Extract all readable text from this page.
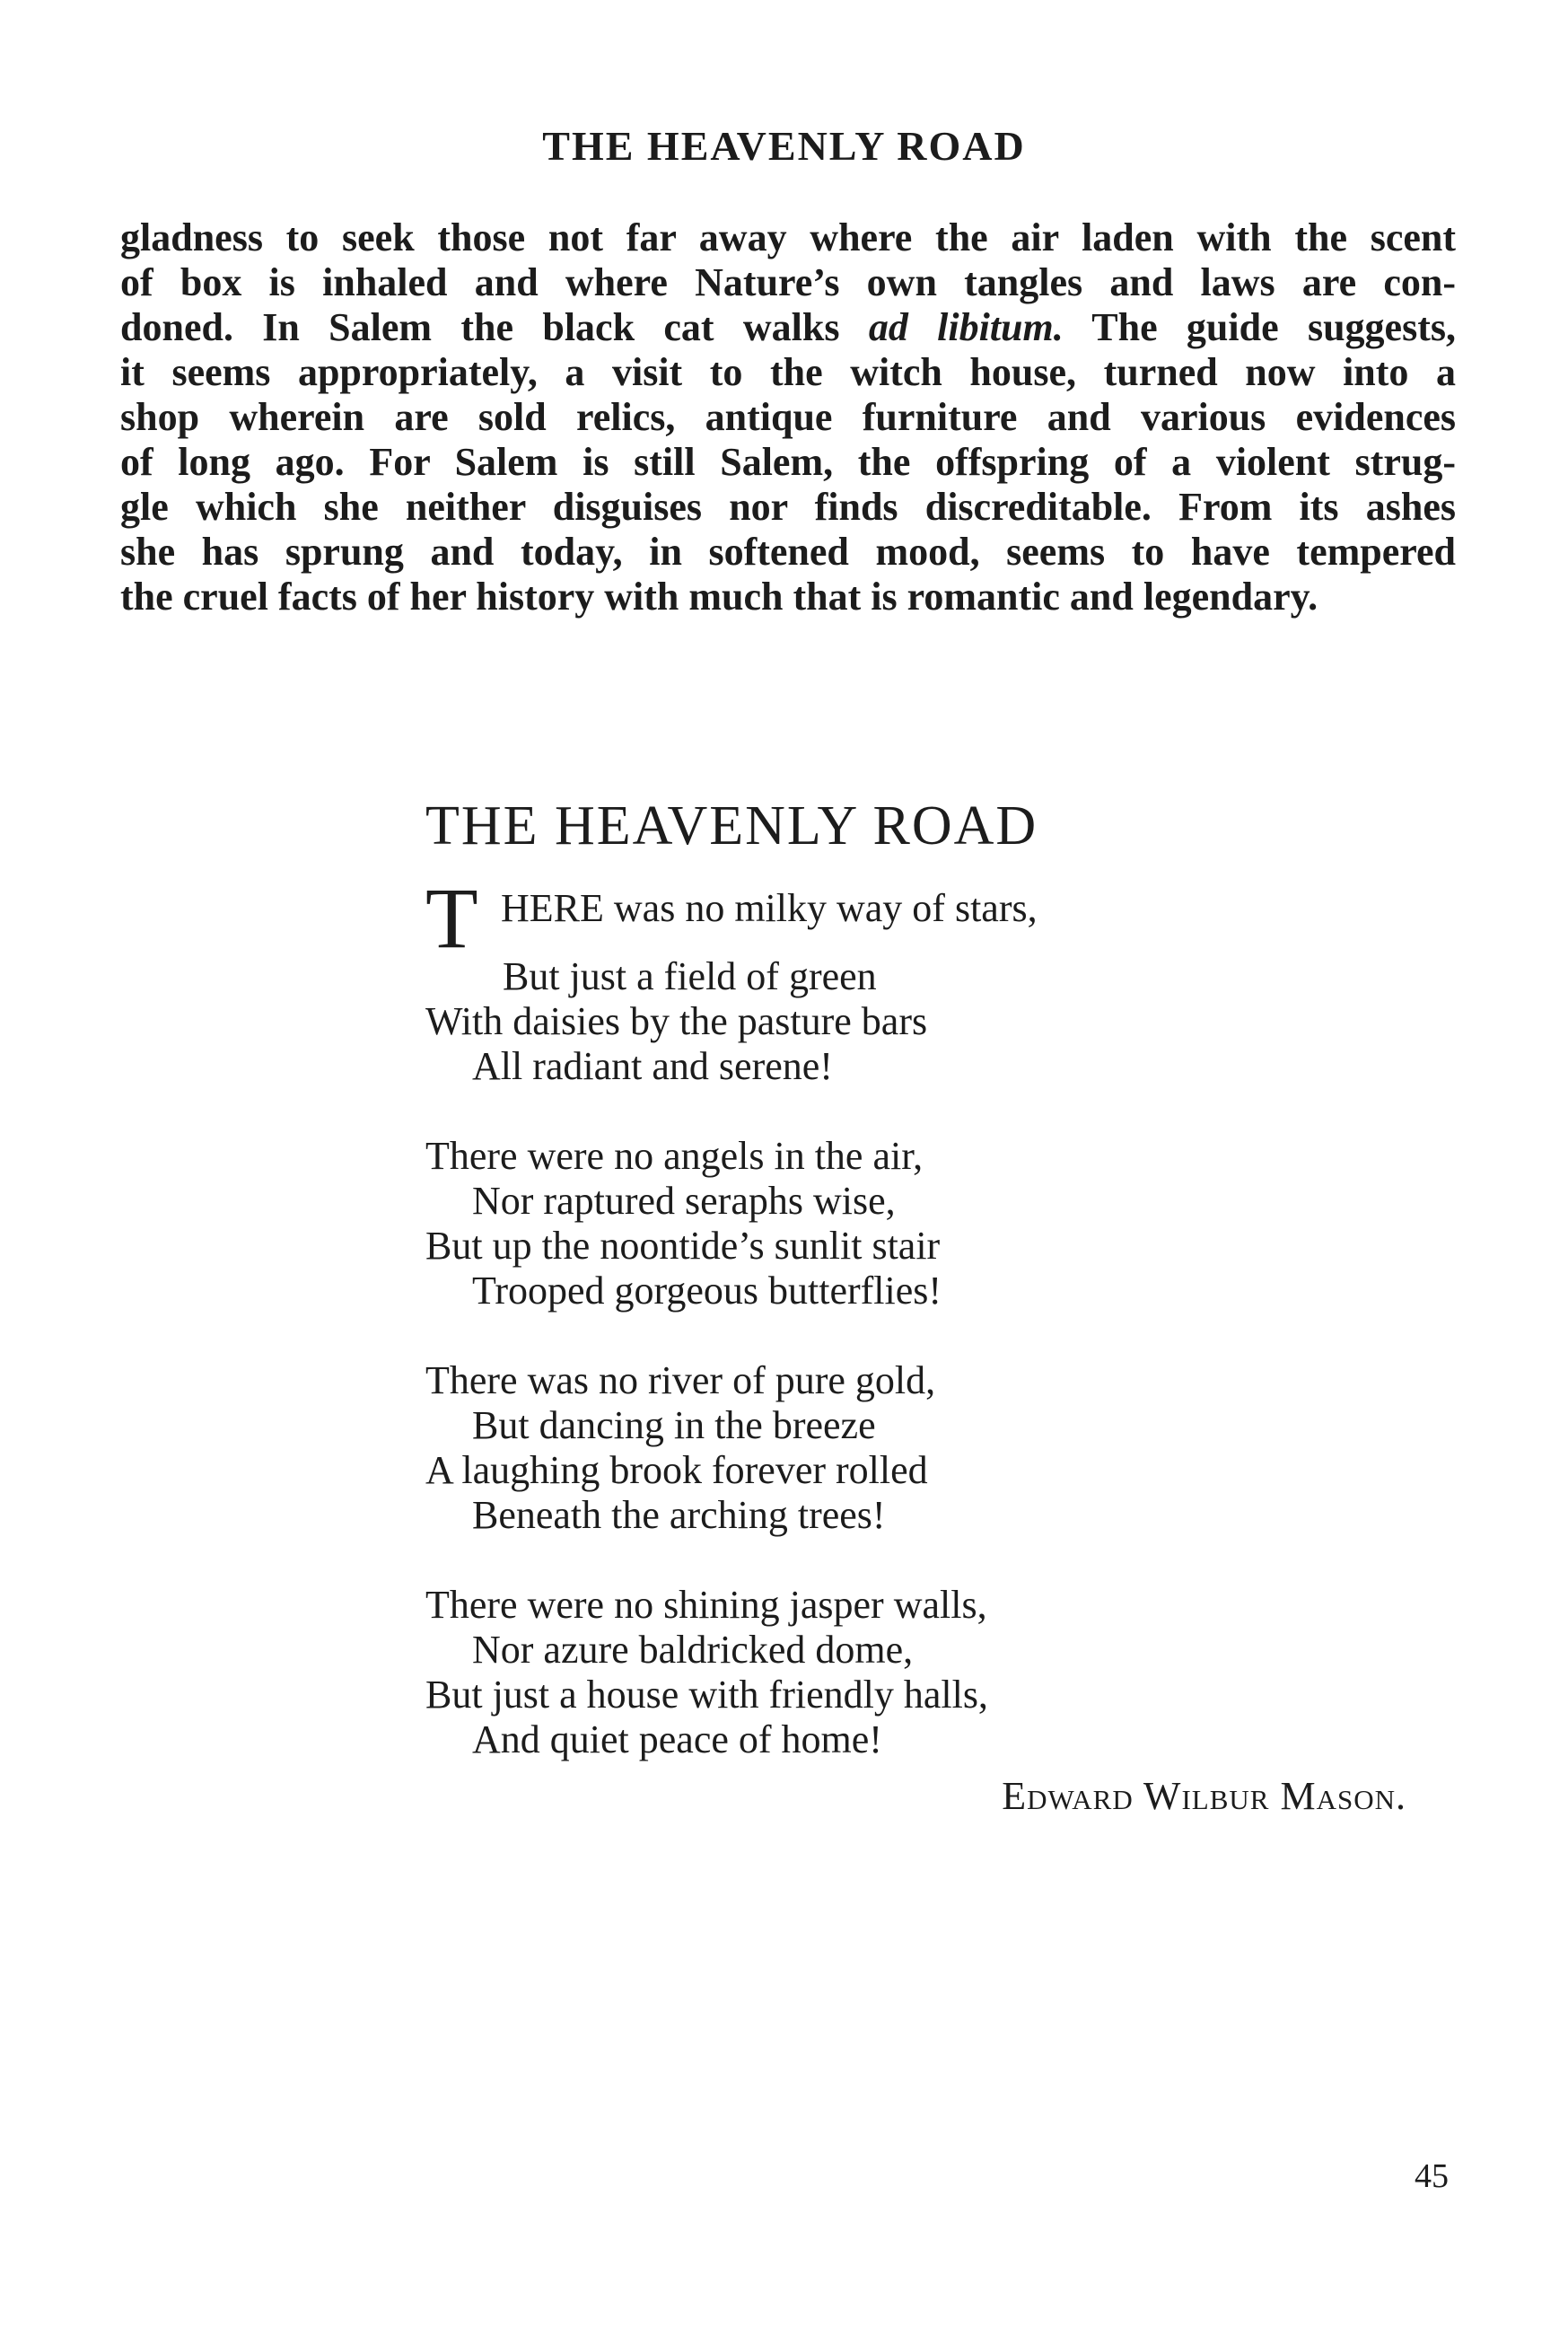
THE HEAVENLY ROAD
gladness to seek those not far away where the air laden with the scent
of box is inhaled and where Nature’s own tangles and laws are con-
doned. In Salem the black cat walks ad libitum. The guide suggests,
it seems appropriately, a visit to the witch house, turned now into a
shop wherein are sold relics, antique furniture and various evidences
of long ago. For Salem is still Salem, the offspring of a violent strug-
gle which she neither disguises nor finds discreditable. From its ashes
she has sprung and today, in softened mood, seems to have tempered
the cruel facts of her history with much that is romantic and legendary.
THE HEAVENLY ROAD
THERE was no milky way of stars,
But just a field of green
With daisies by the pasture bars
All radiant and serene!
There were no angels in the air,
Nor raptured seraphs wise,
But up the noontide’s sunlit stair
Trooped gorgeous butterflies!
There was no river of pure gold,
But dancing in the breeze
A laughing brook forever rolled
Beneath the arching trees!
There were no shining jasper walls,
Nor azure baldricked dome,
But just a house with friendly halls,
And quiet peace of home!
Edward Wilbur Mason.
45
